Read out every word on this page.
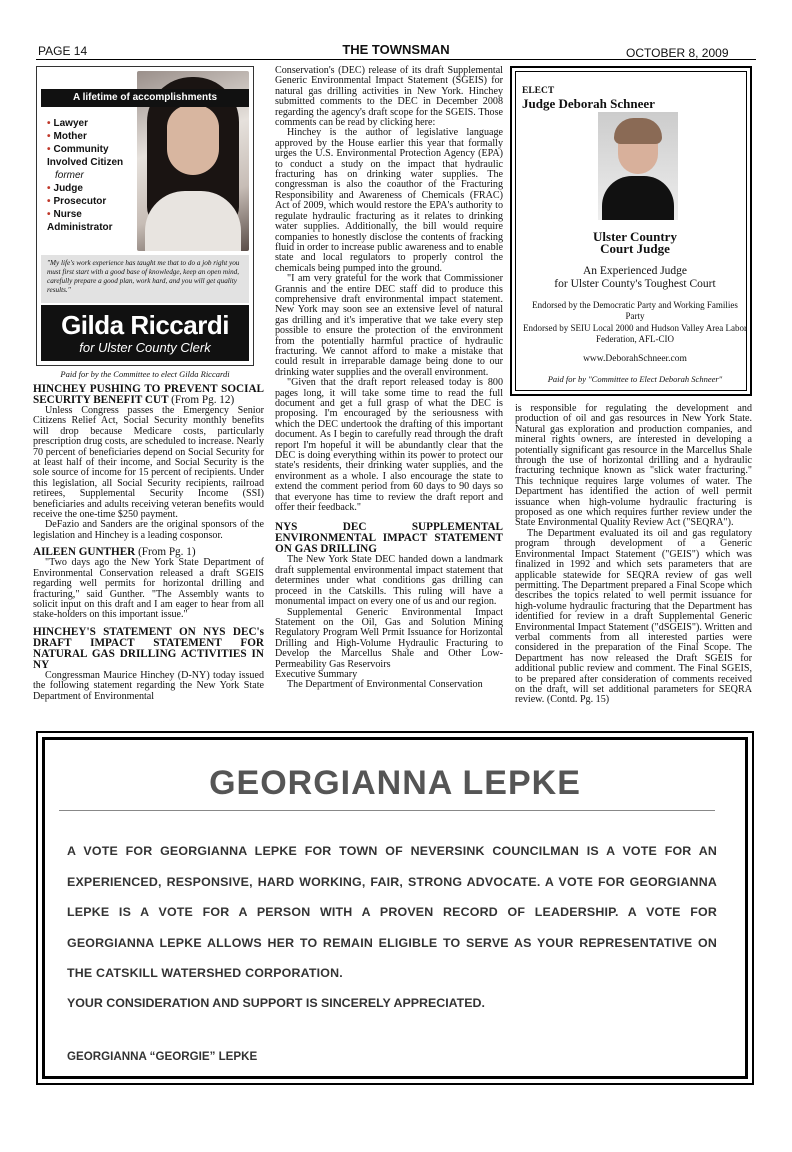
PAGE 14	THE TOWNSMAN	OCTOBER 8, 2009
A lifetime of accomplishments
• Lawyer
• Mother
• Community Involved Citizen
former
• Judge
• Prosecutor
• Nurse Administrator
"My life's work experience has taught me that to do a job right you must first start with a good base of knowledge, keep an open mind, carefully prepare a good plan, work hard, and you will get quality results."
Gilda Riccardi
for Ulster County Clerk
Paid for by the Committee to elect Gilda Riccardi
HINCHEY PUSHING TO PREVENT SOCIAL SECURITY BENEFIT CUT (From Pg. 12)

Unless Congress passes the Emergency Senior Citizens Relief Act, Social Security monthly benefits will drop because Medicare costs, particularly prescription drug costs, are scheduled to increase. Nearly 70 percent of beneficiaries depend on Social Security for at least half of their income, and Social Security is the sole source of income for 15 percent of recipients. Under this legislation, all Social Security recipients, railroad retirees, Supplemental Security Income (SSI) beneficiaries and adults receiving veteran benefits would receive the one-time $250 payment.

DeFazio and Sanders are the original sponsors of the legislation and Hinchey is a leading cosponsor.

AILEEN GUNTHER (From Pg. 1)

"Two days ago the New York State Department of Environmental Conservation released a draft SGEIS regarding well permits for horizontal drilling and fracturing," said Gunther. "The Assembly wants to solicit input on this draft and I am eager to hear from all stake-holders on this important issue."

HINCHEY'S STATEMENT ON NYS DEC's DRAFT IMPACT STATEMENT FOR NATURAL GAS DRILLING ACTIVITIES IN NY

Congressman Maurice Hinchey (D-NY) today issued the following statement regarding the New York State Department of Environmental

Conservation's (DEC) release of its draft Supplemental Generic Environmental Impact Statement (SGEIS) for natural gas drilling activities in New York. Hinchey submitted comments to the DEC in December 2008 regarding the agency's draft scope for the SGEIS. Those comments can be read by clicking here:

Hinchey is the author of legislative language approved by the House earlier this year that formally urges the U.S. Environmental Protection Agency (EPA) to conduct a study on the impact that hydraulic fracturing has on drinking water supplies. The congressman is also the coauthor of the Fracturing Responsibility and Awareness of Chemicals (FRAC) Act of 2009, which would restore the EPA's authority to regulate hydraulic fracturing as it relates to drinking water supplies. Additionally, the bill would require companies to honestly disclose the contents of fracking fluid in order to increase public awareness and to enable state and local regulators to properly control the chemicals being pumped into the ground.

"I am very grateful for the work that Commissioner Grannis and the entire DEC staff did to produce this comprehensive draft environmental impact statement. New York may soon see an extensive level of natural gas drilling and it's imperative that we take every step possible to ensure the protection of the environment from the potentially harmful practice of hydraulic fracturing. We cannot afford to make a mistake that could result in irreparable damage being done to our drinking water supplies and the overall environment.

"Given that the draft report released today is 800 pages long, it will take some time to read the full document and get a full grasp of what the DEC is proposing. I'm encouraged by the seriousness with which the DEC undertook the drafting of this important document. As I begin to carefully read through the draft report I'm hopeful it will be abundantly clear that the DEC is doing everything within its power to protect our state's residents, their drinking water supplies, and the environment as a whole. I also encourage the state to extend the comment period from 60 days to 90 days so that everyone has time to review the draft report and offer their feedback."

NYS DEC SUPPLEMENTAL ENVIRONMENTAL IMPACT STATEMENT ON GAS DRILLING

The New York State DEC handed down a landmark draft supplemental environmental impact statement that determines under what conditions gas drilling can proceed in the Catskills. This ruling will have a monumental impact on every one of us and our region.

Supplemental Generic Environmental Impact Statement on the Oil, Gas and Solution Mining Regulatory Program Well Prmit Issuance for Horizontal Drilling and High-Volume Hydraulic Fracturing to Develop the Marcellus Shale and Other Low-Permeability Gas Reservoirs

Executive Summary

The Department of Environmental Conservation

ELECT
Judge Deborah Schneer
Ulster Country
Court Judge
An Experienced Judge
for Ulster County's Toughest Court
Endorsed by the Democratic Party and Working Families Party
Endorsed by SEIU Local 2000 and Hudson Valley Area Labor Federation, AFL-CIO
www.DeborahSchneer.com
Paid for by "Committee to Elect Deborah Schneer"

is responsible for regulating the development and production of oil and gas resources in New York State. Natural gas exploration and production companies, and mineral rights owners, are interested in developing a potentially significant gas resource in the Marcellus Shale through the use of horizontal drilling and a hydraulic fracturing technique known as "slick water fracturing." This technique requires large volumes of water. The Department has identified the action of well permit issuance when high-volume hydraulic fracturing is proposed as one which requires further review under the State Environmental Quality Review Act ("SEQRA").

The Department evaluated its oil and gas regulatory program through development of a Generic Environmental Impact Statement ("GEIS") which was finalized in 1992 and which sets parameters that are applicable statewide for SEQRA review of gas well permitting. The Department prepared a Final Scope which describes the topics related to well permit issuance for high-volume hydraulic fracturing that the Department has identified for review in a draft Supplemental Generic Environmental Impact Statement ("dSGEIS"). Written and verbal comments from all interested parties were considered in the preparation of the Final Scope. The Department has now released the Draft SGEIS for additional public review and comment. The Final SGEIS, to be prepared after consideration of comments received on the draft, will set additional parameters for SEQRA review. (Contd. Pg. 15)

GEORGIANNA LEPKE
A VOTE FOR GEORGIANNA LEPKE FOR TOWN OF NEVERSINK COUNCILMAN IS A VOTE FOR AN EXPERIENCED, RESPONSIVE, HARD WORKING, FAIR, STRONG ADVOCATE. A VOTE FOR GEORGIANNA LEPKE IS A VOTE FOR A PERSON WITH A PROVEN RECORD OF LEADERSHIP. A VOTE FOR GEORGIANNA LEPKE ALLOWS HER TO REMAIN ELIGIBLE TO SERVE AS YOUR REPRESENTATIVE ON THE CATSKILL WATERSHED CORPORATION.
YOUR CONSIDERATION AND SUPPORT IS SINCERELY APPRECIATED.
GEORGIANNA “GEORGIE” LEPKE
